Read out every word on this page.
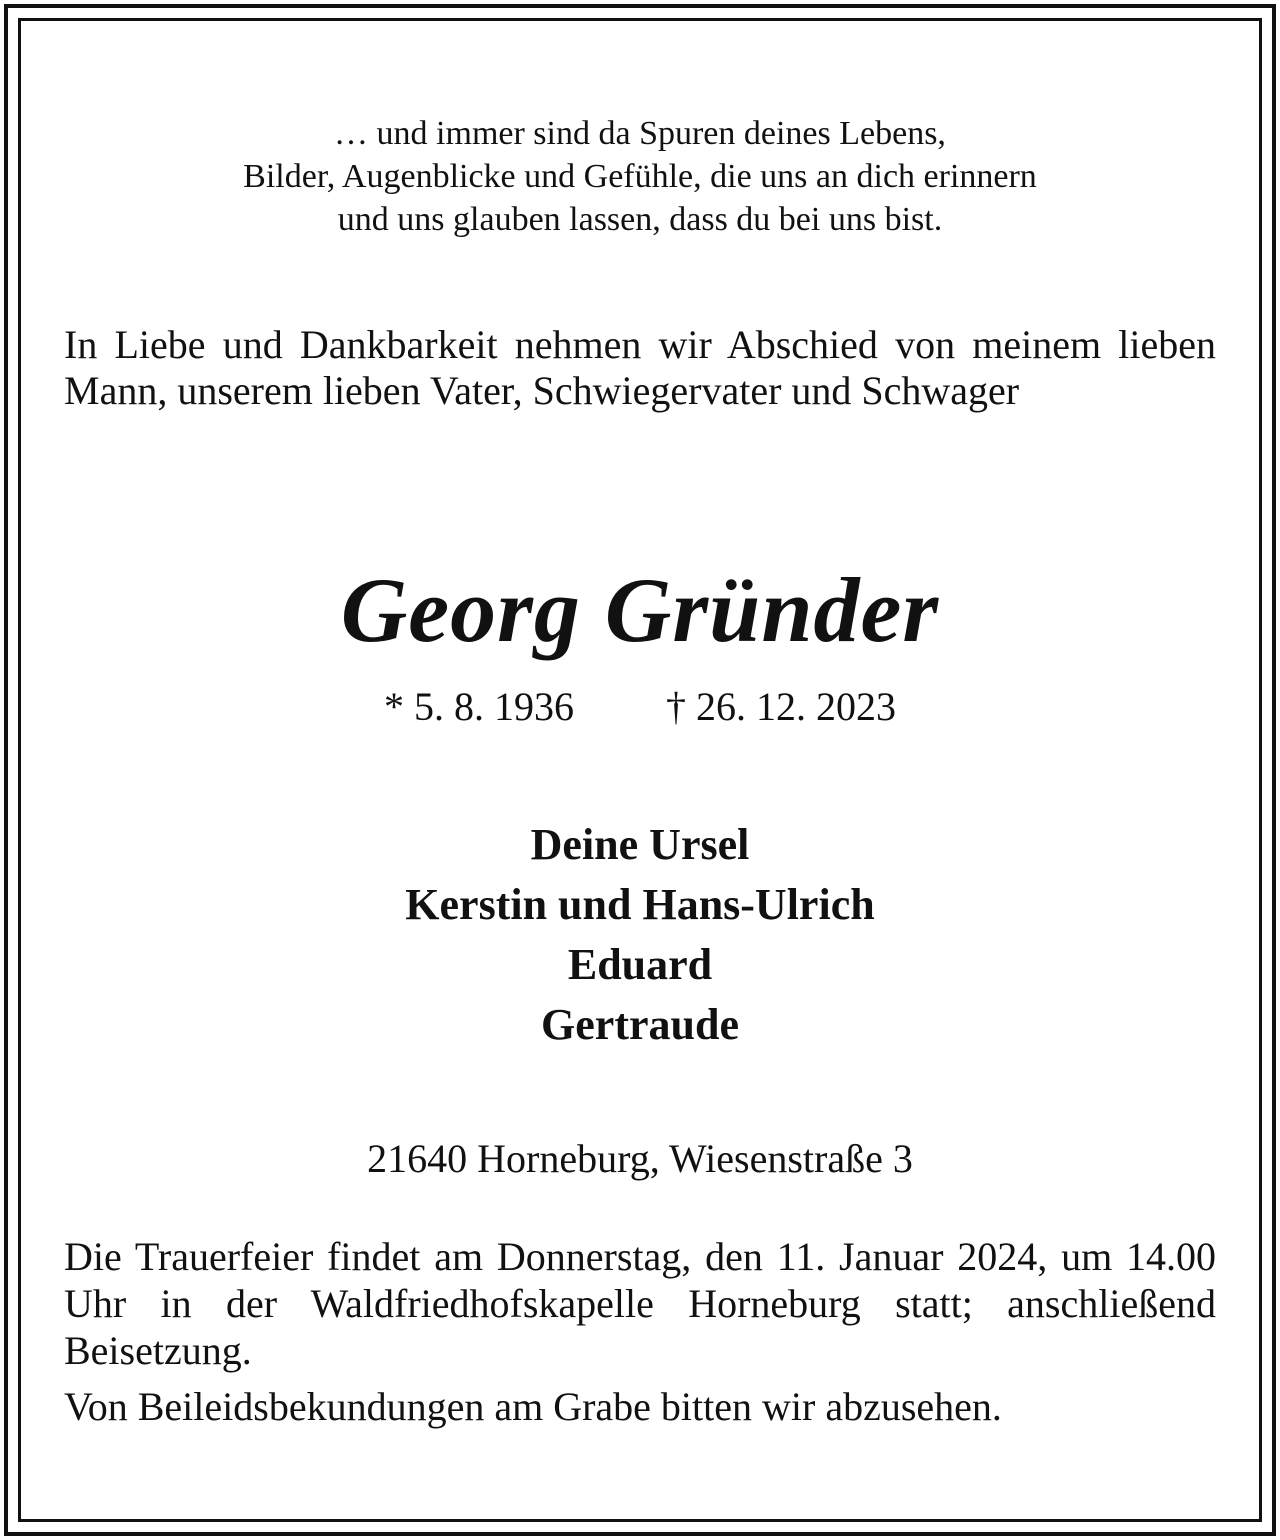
… und immer sind da Spuren deines Lebens,
Bilder, Augenblicke und Gefühle, die uns an dich erinnern
und uns glauben lassen, dass du bei uns bist.
In Liebe und Dankbarkeit nehmen wir Abschied von meinem lieben Mann, unserem lieben Vater, Schwiegervater und Schwager
Georg Gründer
* 5. 8. 1936 † 26. 12. 2023
Deine Ursel
Kerstin und Hans-Ulrich
Eduard
Gertraude
21640 Horneburg, Wiesenstraße 3
Die Trauerfeier findet am Donnerstag, den 11. Januar 2024, um 14.00 Uhr in der Waldfriedhofskapelle Horneburg statt; anschließend Beisetzung.
Von Beileidsbekundungen am Grabe bitten wir abzusehen.
